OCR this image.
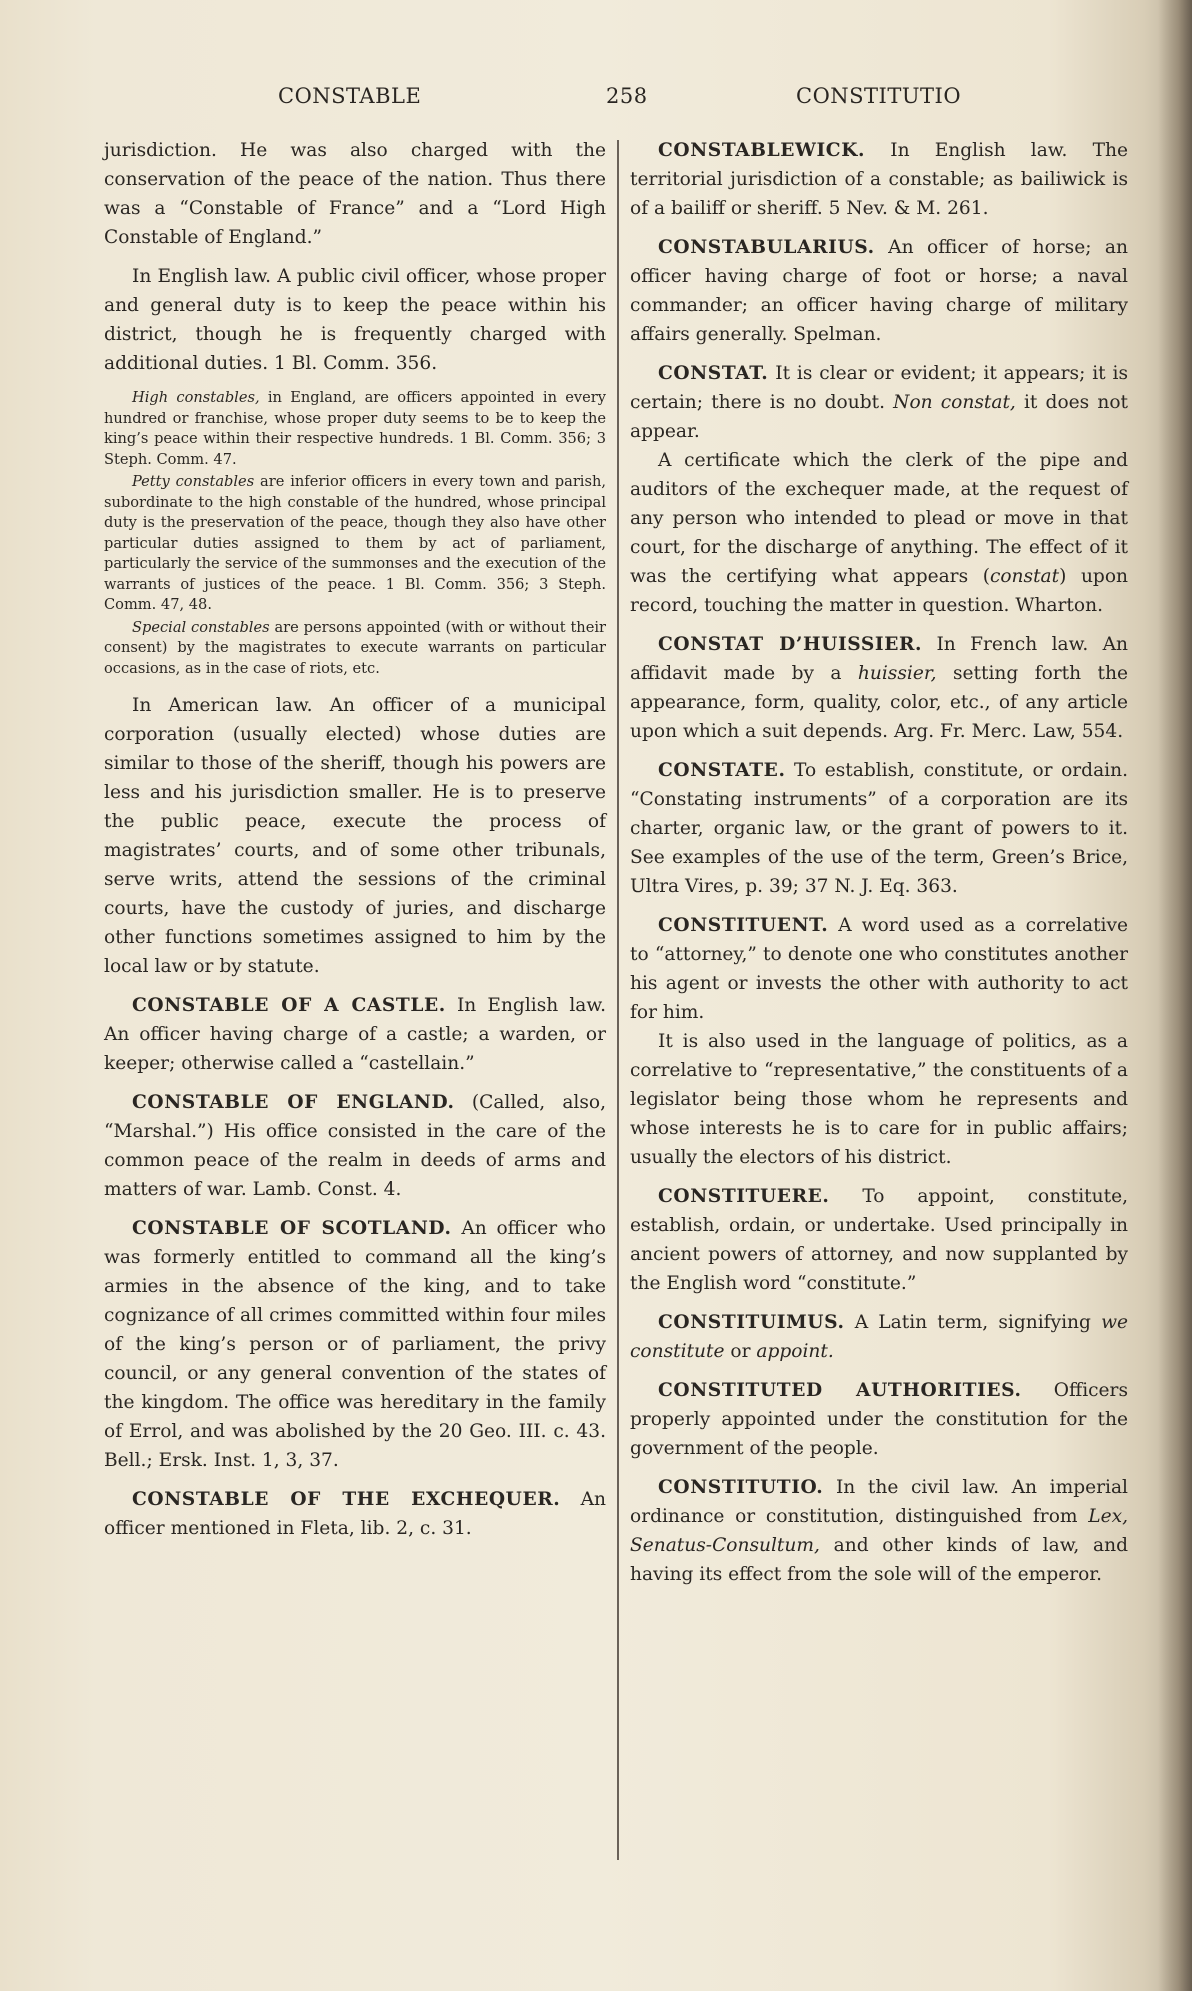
CONSTABLE	258	CONSTITUTIO

jurisdiction. He was also charged with the conservation of the peace of the nation. Thus there was a “Constable of France” and a “Lord High Constable of England.”

In English law. A public civil officer, whose proper and general duty is to keep the peace within his district, though he is frequently charged with additional duties. 1 Bl. Comm. 356.

High constables, in England, are officers appointed in every hundred or franchise, whose proper duty seems to be to keep the king’s peace within their respective hundreds. 1 Bl. Comm. 356; 3 Steph. Comm. 47.

Petty constables are inferior officers in every town and parish, subordinate to the high constable of the hundred, whose principal duty is the preservation of the peace, though they also have other particular duties assigned to them by act of parliament, particularly the service of the summonses and the execution of the warrants of justices of the peace. 1 Bl. Comm. 356; 3 Steph. Comm. 47, 48.

Special constables are persons appointed (with or without their consent) by the magistrates to execute warrants on particular occasions, as in the case of riots, etc.

In American law. An officer of a municipal corporation (usually elected) whose duties are similar to those of the sheriff, though his powers are less and his jurisdiction smaller. He is to preserve the public peace, execute the process of magistrates’ courts, and of some other tribunals, serve writs, attend the sessions of the criminal courts, have the custody of juries, and discharge other functions sometimes assigned to him by the local law or by statute.

CONSTABLE OF A CASTLE. In English law. An officer having charge of a castle; a warden, or keeper; otherwise called a “castellain.”

CONSTABLE OF ENGLAND. (Called, also, “Marshal.”) His office consisted in the care of the common peace of the realm in deeds of arms and matters of war. Lamb. Const. 4.

CONSTABLE OF SCOTLAND. An officer who was formerly entitled to command all the king’s armies in the absence of the king, and to take cognizance of all crimes committed within four miles of the king’s person or of parliament, the privy council, or any general convention of the states of the kingdom. The office was hereditary in the family of Errol, and was abolished by the 20 Geo. III. c. 43. Bell.; Ersk. Inst. 1, 3, 37.

CONSTABLE OF THE EXCHEQUER. An officer mentioned in Fleta, lib. 2, c. 31.

CONSTABLEWICK. In English law. The territorial jurisdiction of a constable; as bailiwick is of a bailiff or sheriff. 5 Nev. & M. 261.

CONSTABULARIUS. An officer of horse; an officer having charge of foot or horse; a naval commander; an officer having charge of military affairs generally. Spelman.

CONSTAT. It is clear or evident; it appears; it is certain; there is no doubt. Non constat, it does not appear.

A certificate which the clerk of the pipe and auditors of the exchequer made, at the request of any person who intended to plead or move in that court, for the discharge of anything. The effect of it was the certifying what appears (constat) upon record, touching the matter in question. Wharton.

CONSTAT D’HUISSIER. In French law. An affidavit made by a huissier, setting forth the appearance, form, quality, color, etc., of any article upon which a suit depends. Arg. Fr. Merc. Law, 554.

CONSTATE. To establish, constitute, or ordain. “Constating instruments” of a corporation are its charter, organic law, or the grant of powers to it. See examples of the use of the term, Green’s Brice, Ultra Vires, p. 39; 37 N. J. Eq. 363.

CONSTITUENT. A word used as a correlative to “attorney,” to denote one who constitutes another his agent or invests the other with authority to act for him.

It is also used in the language of politics, as a correlative to “representative,” the constituents of a legislator being those whom he represents and whose interests he is to care for in public affairs; usually the electors of his district.

CONSTITUERE. To appoint, constitute, establish, ordain, or undertake. Used principally in ancient powers of attorney, and now supplanted by the English word “constitute.”

CONSTITUIMUS. A Latin term, signifying we constitute or appoint.

CONSTITUTED AUTHORITIES. Officers properly appointed under the constitution for the government of the people.

CONSTITUTIO. In the civil law. An imperial ordinance or constitution, distinguished from Lex, Senatus-Consultum, and other kinds of law, and having its effect from the sole will of the emperor.
